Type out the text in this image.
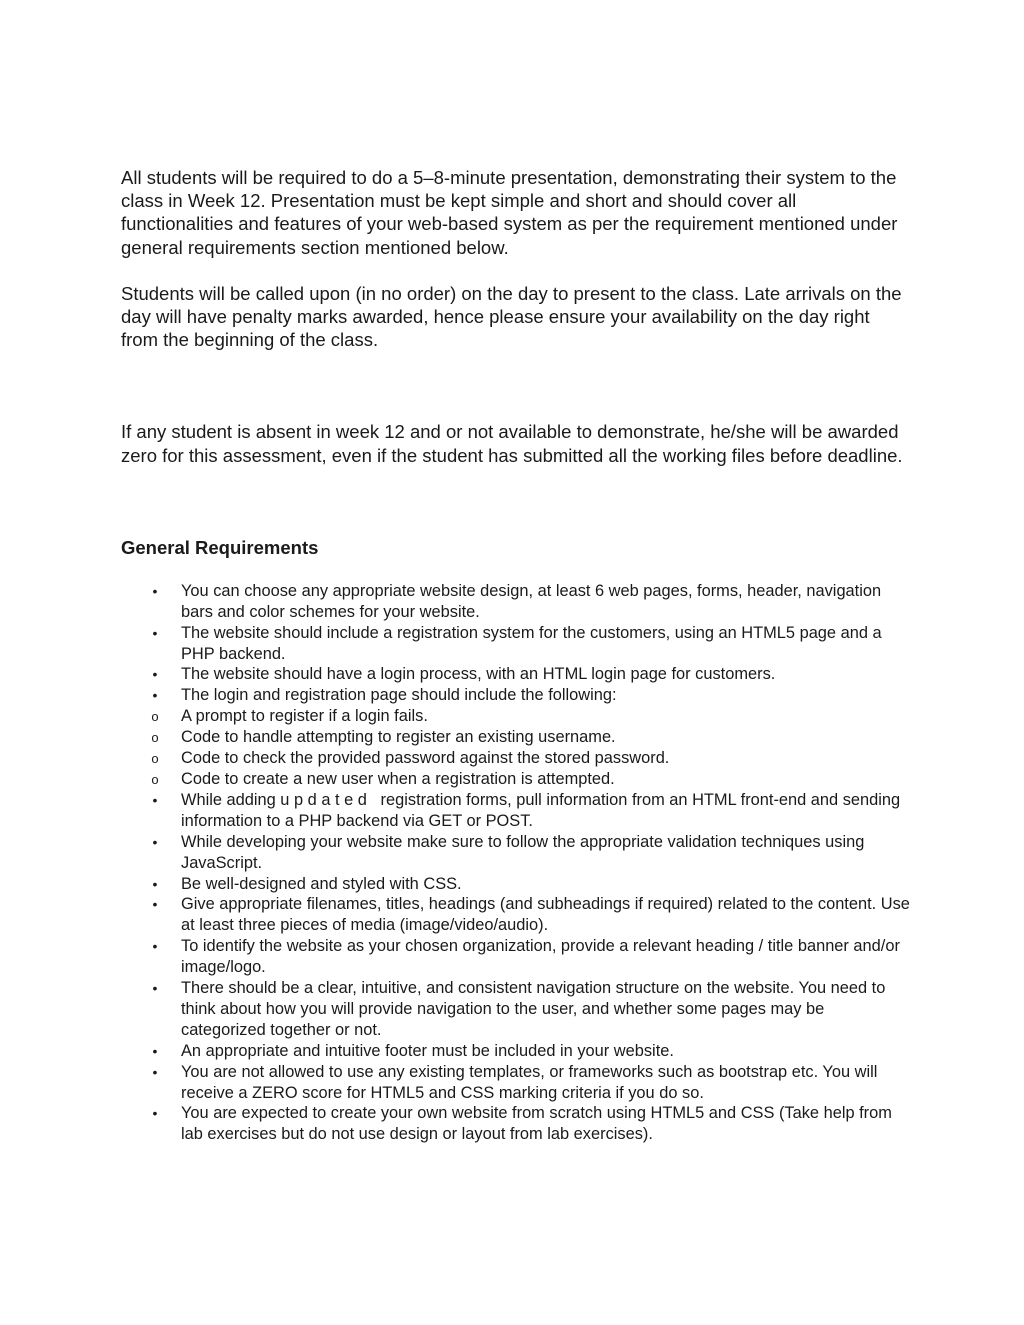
All students will be required to do a 5–8-minute presentation, demonstrating their system to the class in Week 12. Presentation must be kept simple and short and should cover all functionalities and features of your web-based system as per the requirement mentioned under general requirements section mentioned below.

Students will be called upon (in no order) on the day to present to the class. Late arrivals on the day will have penalty marks awarded, hence please ensure your availability on the day right from the beginning of the class.

If any student is absent in week 12 and or not available to demonstrate, he/she will be awarded zero for this assessment, even if the student has submitted all the working files before deadline.

General Requirements
•	You can choose any appropriate website design, at least 6 web pages, forms, header, navigation bars and color schemes for your website.
•	The website should include a registration system for the customers, using an HTML5 page and a PHP backend.
•	The website should have a login process, with an HTML login page for customers.
•	The login and registration page should include the following:
o	A prompt to register if a login fails.
o	Code to handle attempting to register an existing username.
o	Code to check the provided password against the stored password.
o	Code to create a new user when a registration is attempted.
•	While adding u p d a t e d   registration forms, pull information from an HTML front-end and sending information to a PHP backend via GET or POST.
•	While developing your website make sure to follow the appropriate validation techniques using JavaScript.
•	Be well-designed and styled with CSS.
•	Give appropriate filenames, titles, headings (and subheadings if required) related to the content. Use at least three pieces of media (image/video/audio).
•	To identify the website as your chosen organization, provide a relevant heading / title banner and/or image/logo.
•	There should be a clear, intuitive, and consistent navigation structure on the website. You need to think about how you will provide navigation to the user, and whether some pages may be categorized together or not.
•	An appropriate and intuitive footer must be included in your website.
•	You are not allowed to use any existing templates, or frameworks such as bootstrap etc. You will receive a ZERO score for HTML5 and CSS marking criteria if you do so.
•	You are expected to create your own website from scratch using HTML5 and CSS (Take help from lab exercises but do not use design or layout from lab exercises).
